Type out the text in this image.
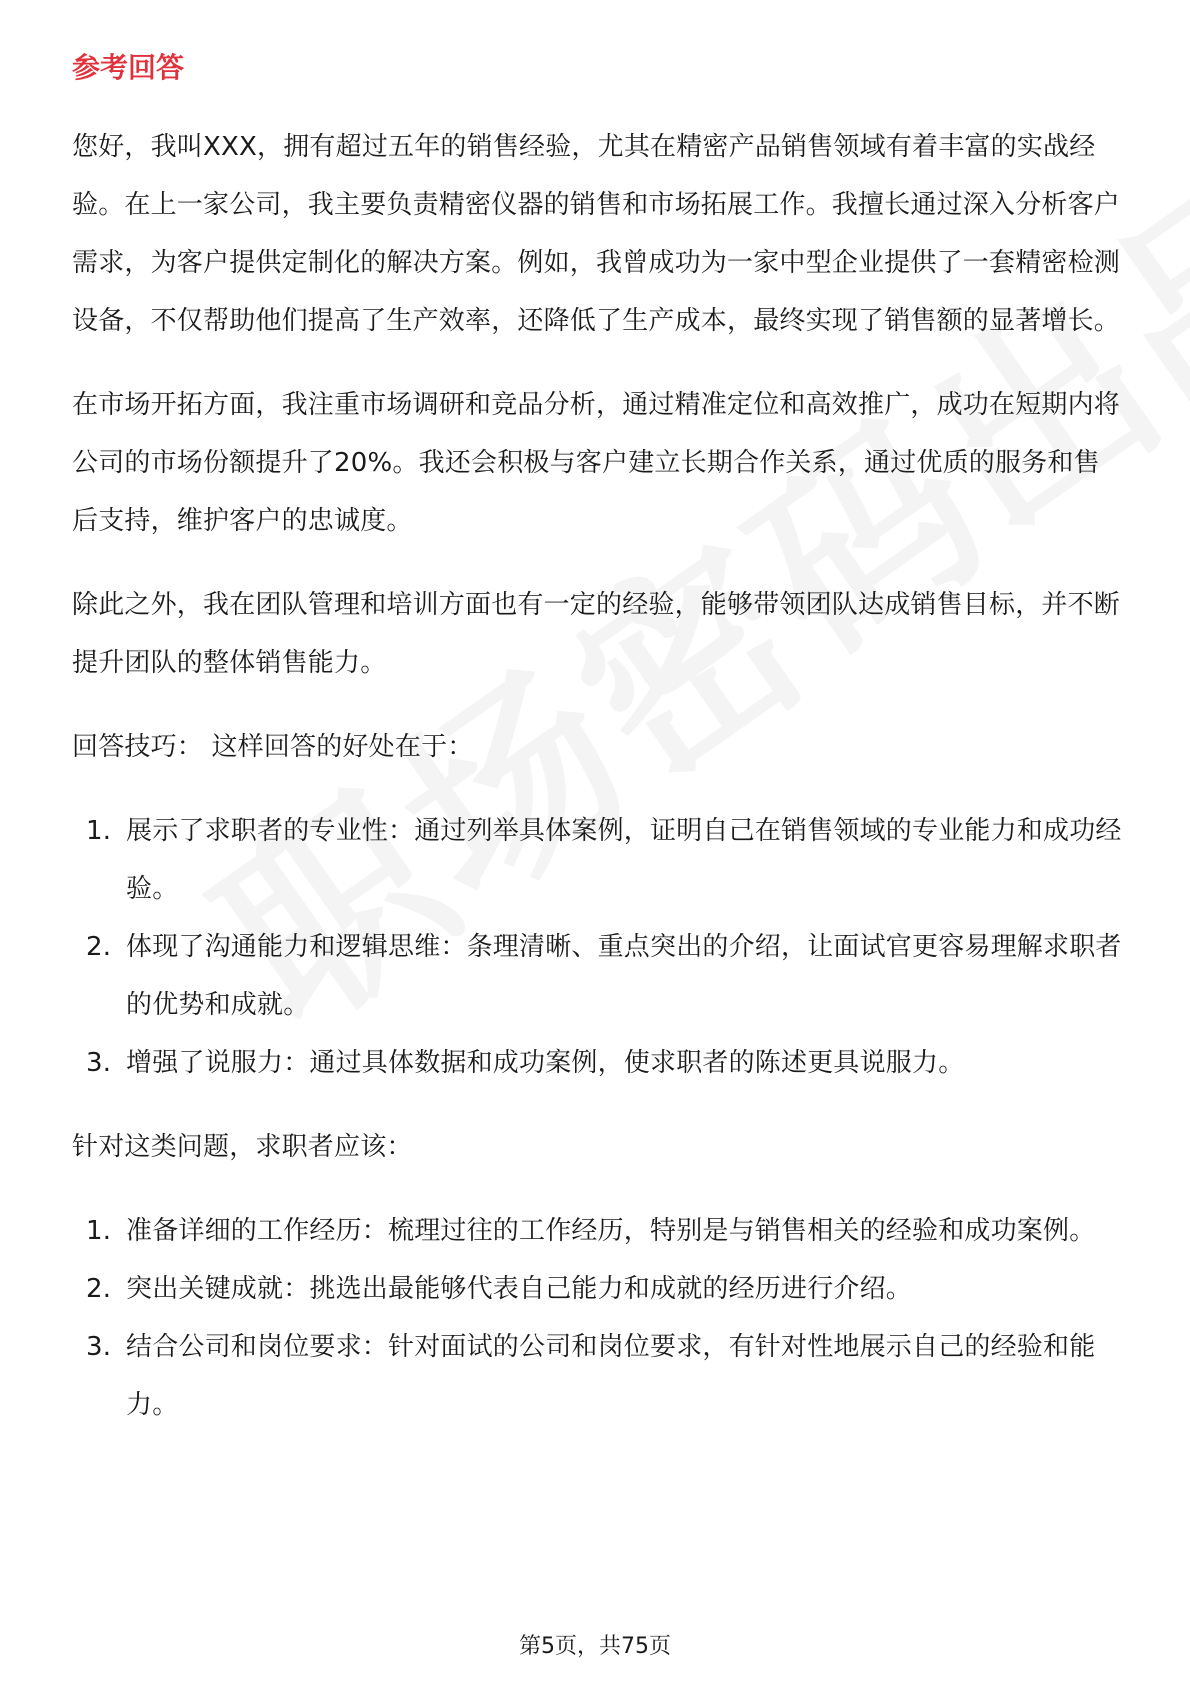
参考回答

您好，我叫XXX，拥有超过五年的销售经验，尤其在精密产品销售领域有着丰富的实战经验。在上一家公司，我主要负责精密仪器的销售和市场拓展工作。我擅长通过深入分析客户需求，为客户提供定制化的解决方案。例如，我曾成功为一家中型企业提供了一套精密检测设备，不仅帮助他们提高了生产效率，还降低了生产成本，最终实现了销售额的显著增长。

在市场开拓方面，我注重市场调研和竞品分析，通过精准定位和高效推广，成功在短期内将公司的市场份额提升了20%。我还会积极与客户建立长期合作关系，通过优质的服务和售后支持，维护客户的忠诚度。

除此之外，我在团队管理和培训方面也有一定的经验，能够带领团队达成销售目标，并不断提升团队的整体销售能力。

回答技巧： 这样回答的好处在于：

1. 展示了求职者的专业性：通过列举具体案例，证明自己在销售领域的专业能力和成功经验。
2. 体现了沟通能力和逻辑思维：条理清晰、重点突出的介绍，让面试官更容易理解求职者的优势和成就。
3. 增强了说服力：通过具体数据和成功案例，使求职者的陈述更具说服力。

针对这类问题，求职者应该：

1. 准备详细的工作经历：梳理过往的工作经历，特别是与销售相关的经验和成功案例。
2. 突出关键成就：挑选出最能够代表自己能力和成就的经历进行介绍。
3. 结合公司和岗位要求：针对面试的公司和岗位要求，有针对性地展示自己的经验和能力。
第5页，共75页
